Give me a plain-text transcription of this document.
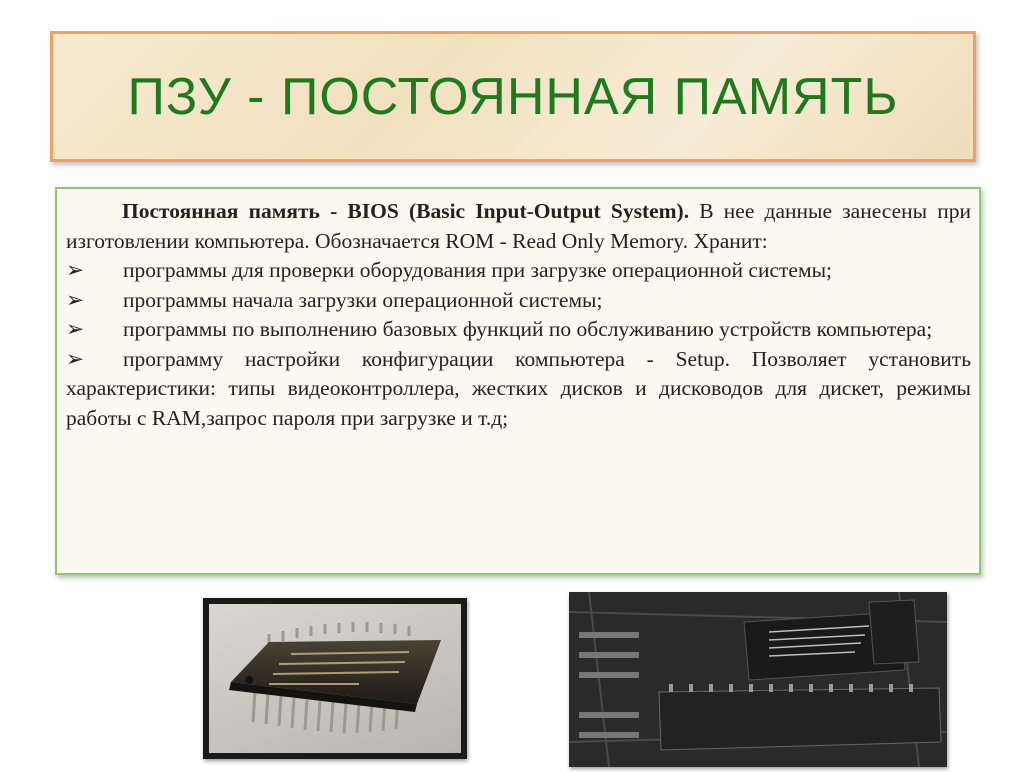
ПЗУ - ПОСТОЯННАЯ ПАМЯТЬ

Постоянная память - BIOS (Basic Input-Output System). В нее данные занесены при изготовлении компьютера. Обозначается ROM - Read Only Memory. Хранит:

➢ программы для проверки оборудования при загрузке операционной системы;

➢ программы начала загрузки операционной системы;

➢ программы по выполнению базовых функций по обслуживанию устройств компьютера;

➢ программу настройки конфигурации компьютера - Setup. Позволяет установить характеристики: типы видеоконтроллера, жестких дисков и дисководов для дискет, режимы работы с RAM,запрос пароля при загрузке и т.д;
